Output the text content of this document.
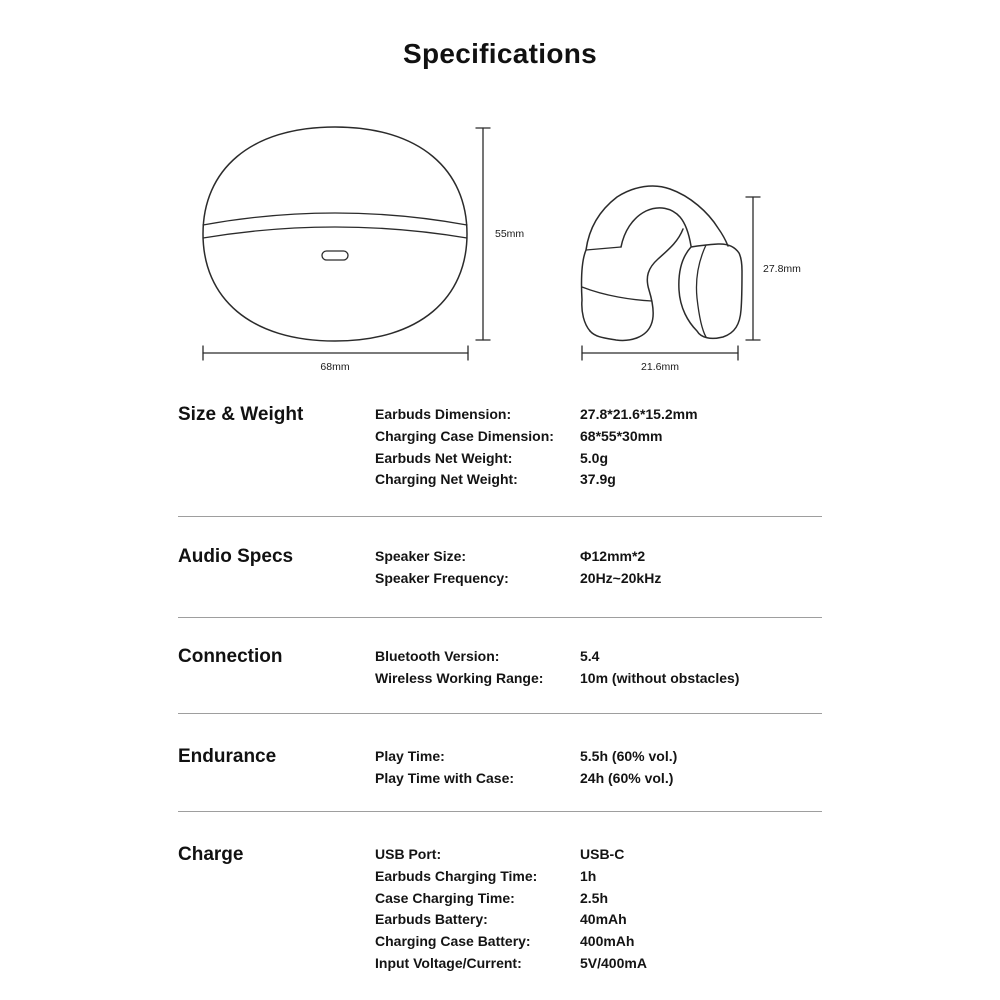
Specifications
55mm
68mm
27.8mm
21.6mm
Size & Weight	Earbuds Dimension:	27.8*21.6*15.2mm
Charging Case Dimension:	68*55*30mm
Earbuds Net Weight:	5.0g
Charging Net Weight:	37.9g
Audio Specs	Speaker Size:	Φ12mm*2
Speaker Frequency:	20Hz~20kHz
Connection	Bluetooth Version:	5.4
Wireless Working Range:	10m (without obstacles)
Endurance	Play Time:	5.5h (60% vol.)
Play Time with Case:	24h (60% vol.)
Charge	USB Port:	USB-C
Earbuds Charging Time:	1h
Case Charging Time:	2.5h
Earbuds Battery:	40mAh
Charging Case Battery:	400mAh
Input Voltage/Current:	5V/400mA
